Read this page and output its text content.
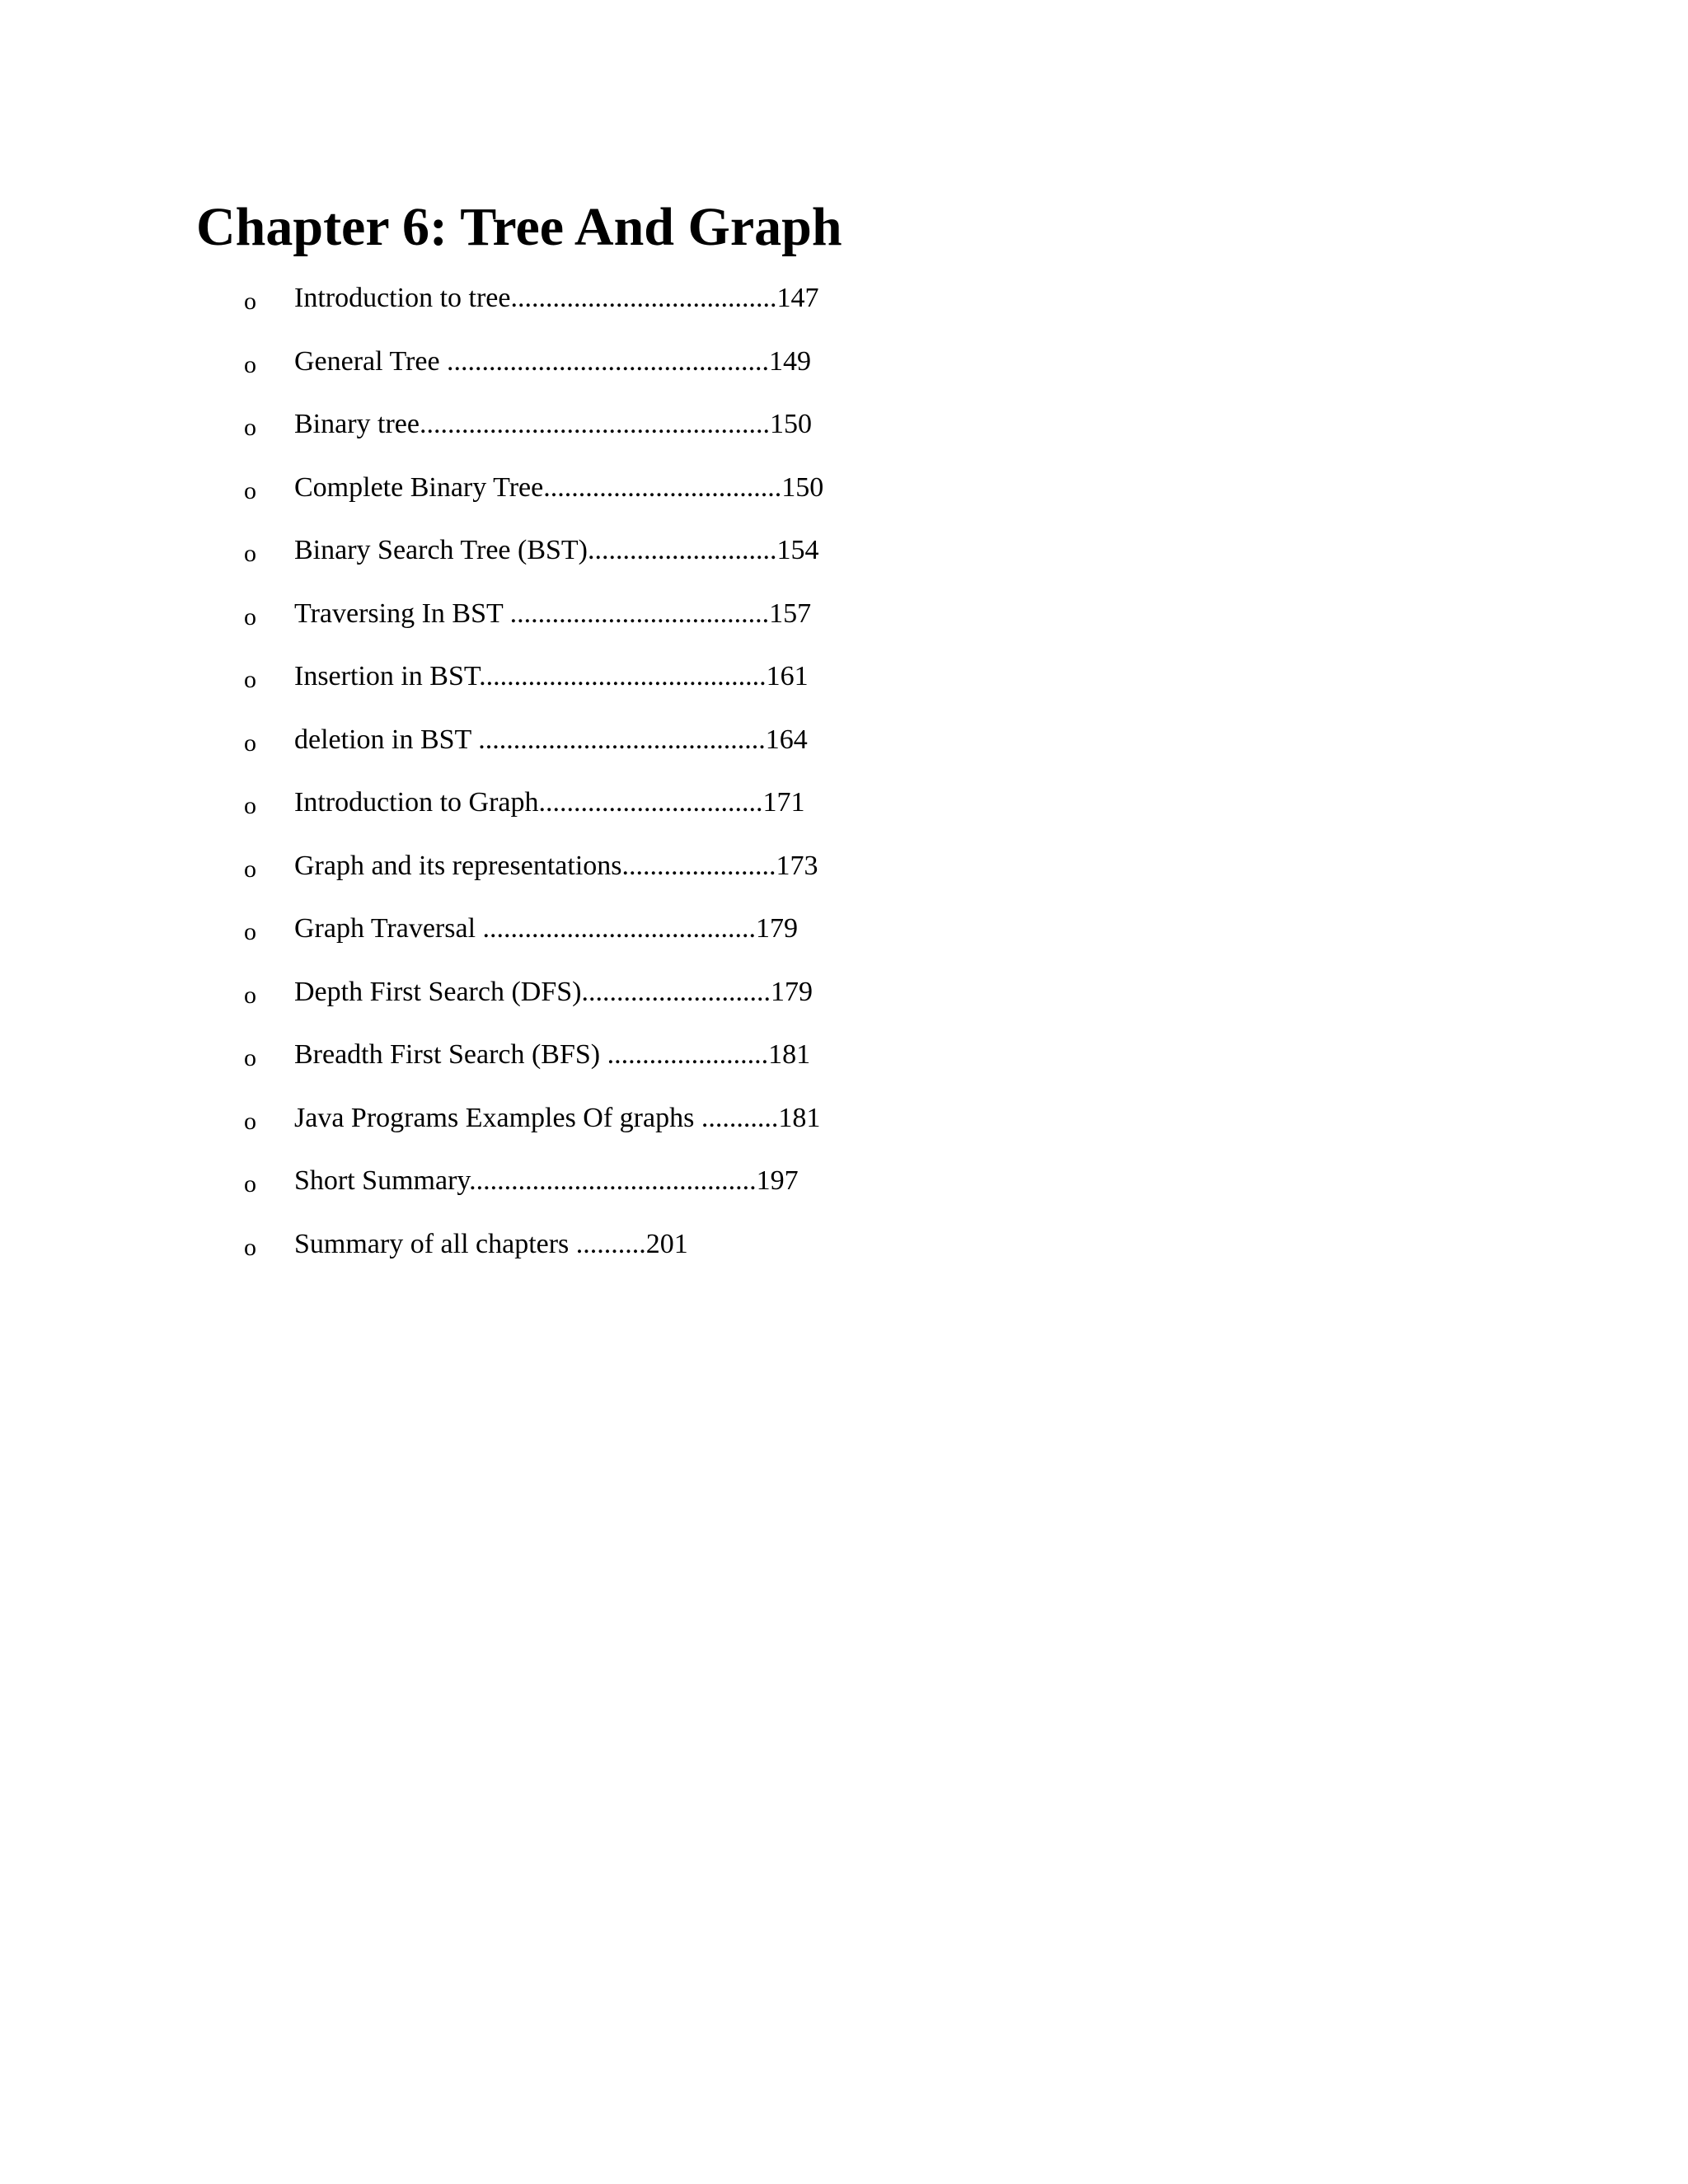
Chapter 6: Tree And Graph
o Introduction to tree......................................147
o General Tree ..............................................149
o Binary tree..................................................150
o Complete Binary Tree..................................150
o Binary Search Tree (BST)...........................154
o Traversing In BST .....................................157
o Insertion in BST.........................................161
o deletion in BST .........................................164
o Introduction to Graph................................171
o Graph and its representations......................173
o Graph Traversal .......................................179
o Depth First Search (DFS)...........................179
o Breadth First Search (BFS) .......................181
o Java Programs Examples Of graphs ...........181
o Short Summary.........................................197
o Summary of all chapters ..........201
